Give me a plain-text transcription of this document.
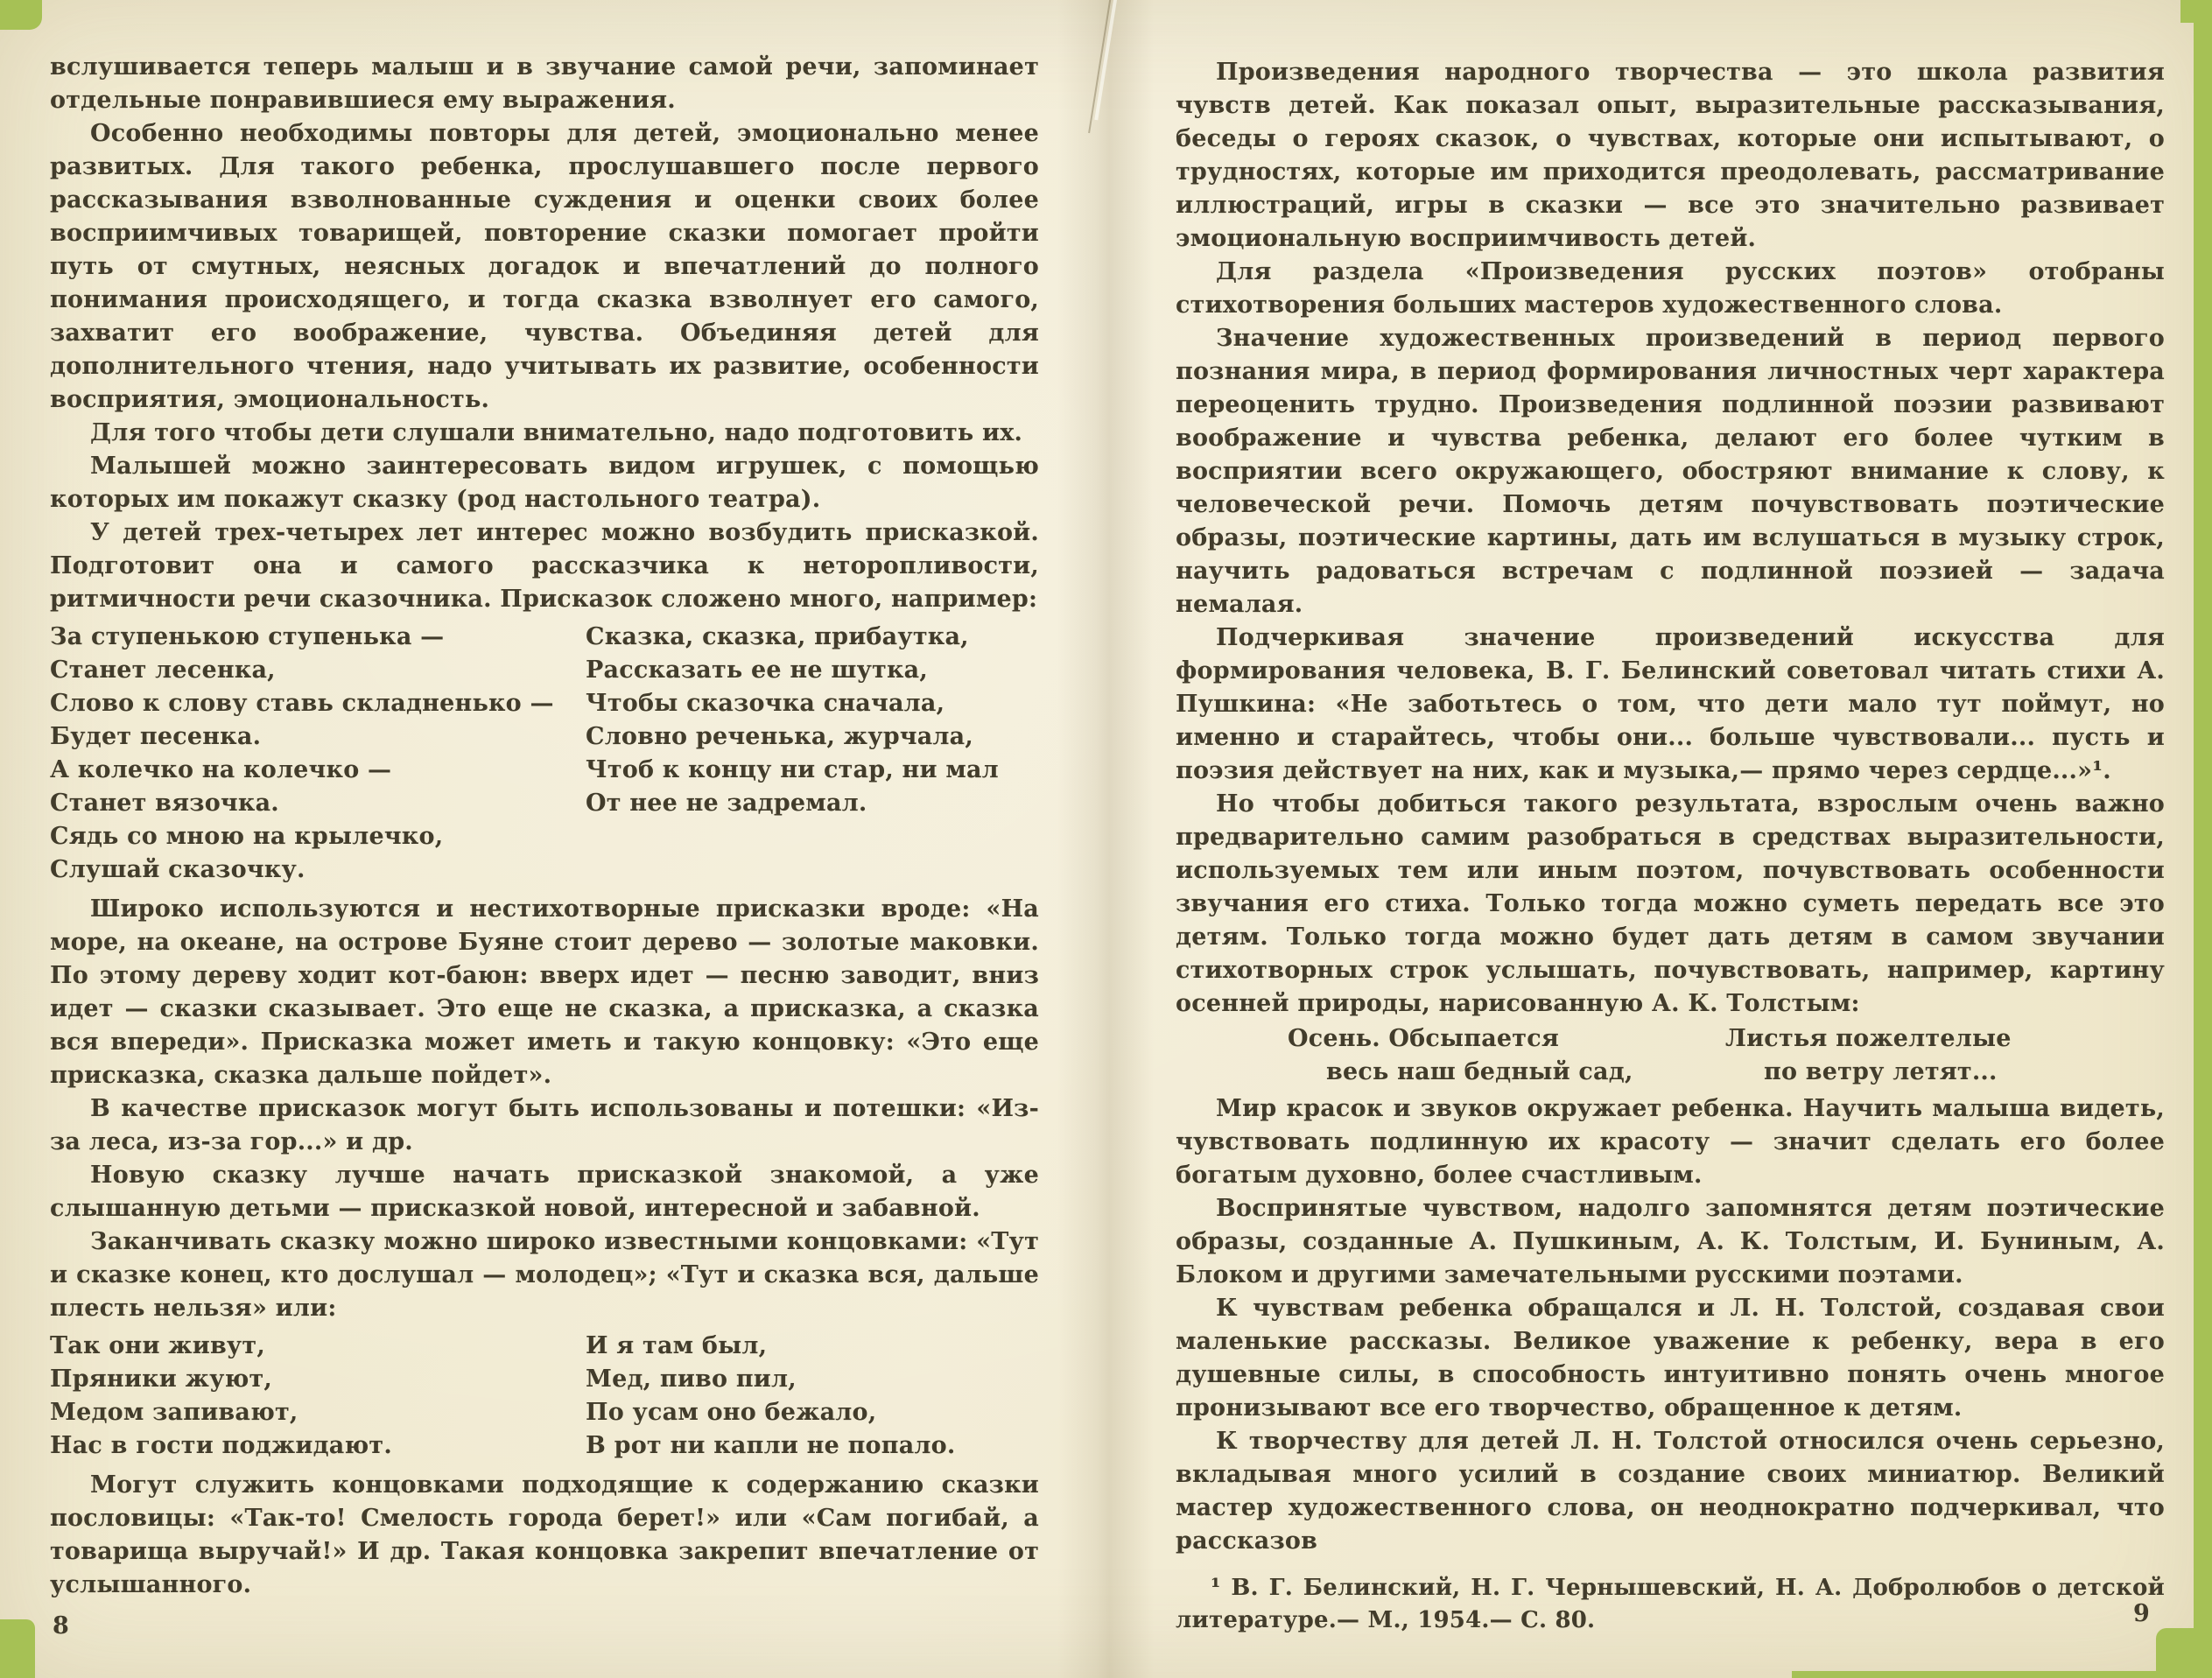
вслушивается теперь малыш и в звучание самой речи, запоминает отдельные понравившиеся ему выражения.

Особенно необходимы повторы для детей, эмоционально менее развитых. Для такого ребенка, прослушавшего после первого рассказывания взволнованные суждения и оценки своих более восприимчивых товарищей, повторение сказки помогает пройти путь от смутных, неясных догадок и впечатлений до полного понимания происходящего, и тогда сказка взволнует его самого, захватит его воображение, чувства. Объединяя детей для дополнительного чтения, надо учитывать их развитие, особенности восприятия, эмоциональность.

Для того чтобы дети слушали внимательно, надо подготовить их.

Малышей можно заинтересовать видом игрушек, с помощью которых им покажут сказку (род настольного театра).

У детей трех-четырех лет интерес можно возбудить присказкой. Подготовит она и самого рассказчика к неторопливости, ритмичности речи сказочника. Присказок сложено много, например:

За ступенькою ступенька —
Станет лесенка,
Слово к слову ставь складненько —
Будет песенка.
А колечко на колечко —
Станет вязочка.
Сядь со мною на крылечко,
Слушай сказочку.
Сказка, сказка, прибаутка,
Рассказать ее не шутка,
Чтобы сказочка сначала,
Словно реченька, журчала,
Чтоб к концу ни стар, ни мал
От нее не задремал.

Широко используются и нестихотворные присказки вроде: «На море, на океане, на острове Буяне стоит дерево — золотые маковки. По этому дереву ходит кот-баюн: вверх идет — песню заводит, вниз идет — сказки сказывает. Это еще не сказка, а присказка, а сказка вся впереди». Присказка может иметь и такую концовку: «Это еще присказка, сказка дальше пойдет».

В качестве присказок могут быть использованы и потешки: «Из-за леса, из-за гор...» и др.

Новую сказку лучше начать присказкой знакомой, а уже слышанную детьми — присказкой новой, интересной и забавной.

Заканчивать сказку можно широко известными концовками: «Тут и сказке конец, кто дослушал — молодец»; «Тут и сказка вся, дальше плесть нельзя» или:

Так они живут,
Пряники жуют,
Медом запивают,
Нас в гости поджидают.
И я там был,
Мед, пиво пил,
По усам оно бежало,
В рот ни капли не попало.

Могут служить концовками подходящие к содержанию сказки пословицы: «Так-то! Смелость города берет!» или «Сам погибай, а товарища выручай!» И др. Такая концовка закрепит впечатление от услышанного.

Произведения народного творчества — это школа развития чувств детей. Как показал опыт, выразительные рассказывания, беседы о героях сказок, о чувствах, которые они испытывают, о трудностях, которые им приходится преодолевать, рассматривание иллюстраций, игры в сказки — все это значительно развивает эмоциональную восприимчивость детей.

Для раздела «Произведения русских поэтов» отобраны стихотворения больших мастеров художественного слова.

Значение художественных произведений в период первого познания мира, в период формирования личностных черт характера переоценить трудно. Произведения подлинной поэзии развивают воображение и чувства ребенка, делают его более чутким в восприятии всего окружающего, обостряют внимание к слову, к человеческой речи. Помочь детям почувствовать поэтические образы, поэтические картины, дать им вслушаться в музыку строк, научить радоваться встречам с подлинной поэзией — задача немалая.

Подчеркивая значение произведений искусства для формирования человека, В. Г. Белинский советовал читать стихи А. Пушкина: «Не заботьтесь о том, что дети мало тут поймут, но именно и старайтесь, чтобы они... больше чувствовали... пусть и поэзия действует на них, как и музыка,— прямо через сердце...»¹.

Но чтобы добиться такого результата, взрослым очень важно предварительно самим разобраться в средствах выразительности, используемых тем или иным поэтом, почувствовать особенности звучания его стиха. Только тогда можно суметь передать все это детям. Только тогда можно будет дать детям в самом звучании стихотворных строк услышать, почувствовать, например, картину осенней природы, нарисованную А. К. Толстым:

Осень. Обсыпается
весь наш бедный сад,
Листья пожелтелые
по ветру летят...

Мир красок и звуков окружает ребенка. Научить малыша видеть, чувствовать подлинную их красоту — значит сделать его более богатым духовно, более счастливым.

Воспринятые чувством, надолго запомнятся детям поэтические образы, созданные А. Пушкиным, А. К. Толстым, И. Буниным, А. Блоком и другими замечательными русскими поэтами.

К чувствам ребенка обращался и Л. Н. Толстой, создавая свои маленькие рассказы. Великое уважение к ребенку, вера в его душевные силы, в способность интуитивно понять очень многое пронизывают все его творчество, обращенное к детям.

К творчеству для детей Л. Н. Толстой относился очень серьезно, вкладывая много усилий в создание своих миниатюр. Великий мастер художественного слова, он неоднократно подчеркивал, что рассказов

¹ В. Г. Белинский, Н. Г. Чернышевский, Н. А. Добролюбов о детской литературе.— М., 1954.— С. 80.

8	9
